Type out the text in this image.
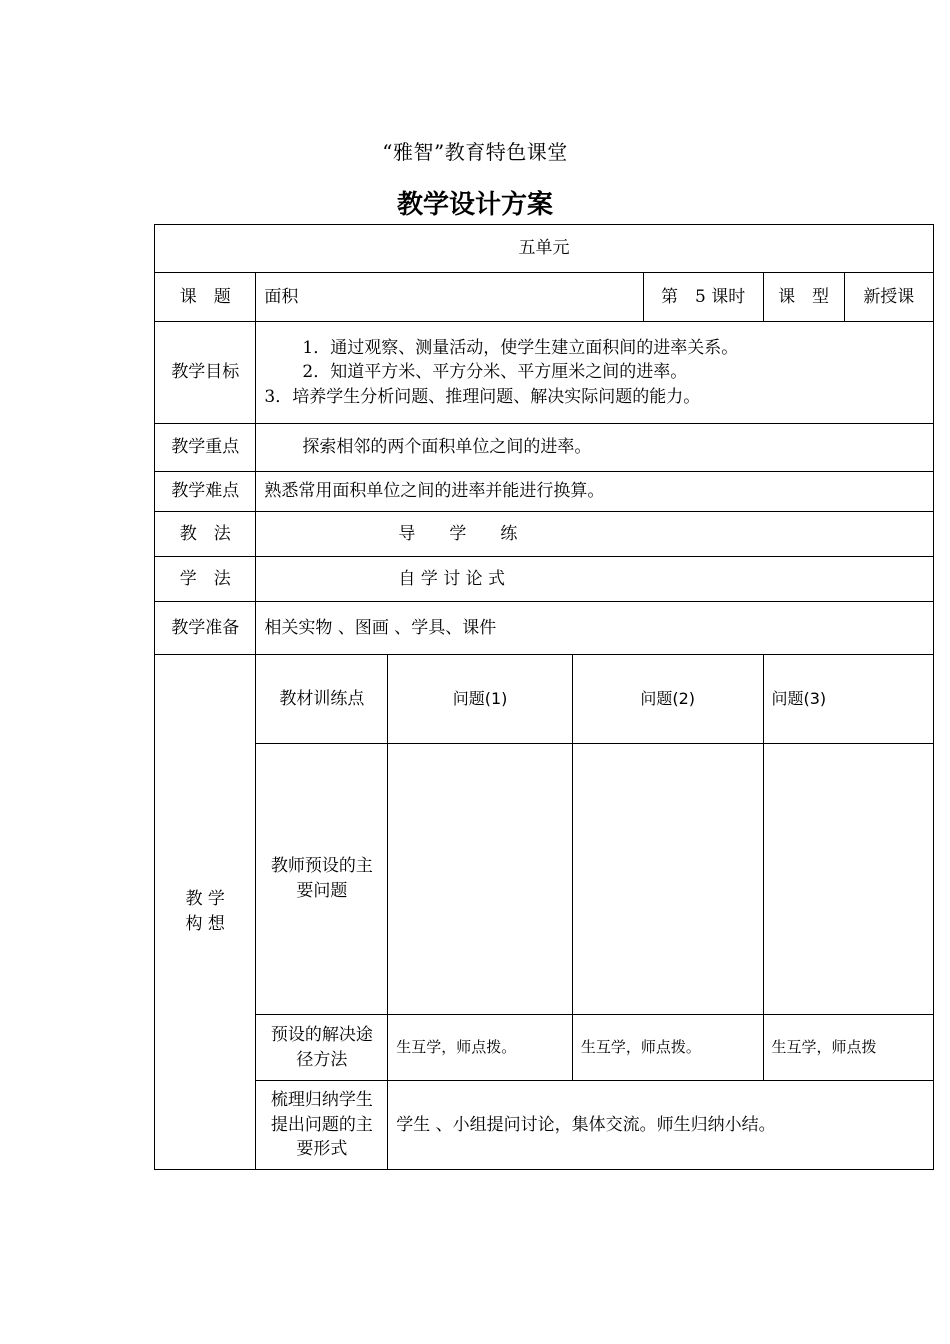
“雅智”教育特色课堂
教学设计方案
五单元						
课　题	面积			第　5 课时	课　型	新授课
教学目标	1．通过观察、测量活动，使学生建立面积间的进率关系。
2．知道平方米、平方分米、平方厘米之间的进率。
3．培养学生分析问题、推理问题、解决实际问题的能力。					

教学重点	探索相邻的两个面积单位之间的进率。					
教学难点	熟悉常用面积单位之间的进率并能进行换算。					
教　法	导　　学　　练					
学　法	自 学 讨 论 式					
教学准备	相关实物 、图画 、学具、课件					

教 学
构 想	教材训练点	问题(1)	问题(2)		问题(3)	
	教师预设的主要问题					
	预设的解决途径方法	生互学，师点拨。	生互学，师点拨。		生互学，师点拨	
	梳理归纳学生提出问题的主要形式	学生 、小组提问讨论，集体交流。师生归纳小结。				
